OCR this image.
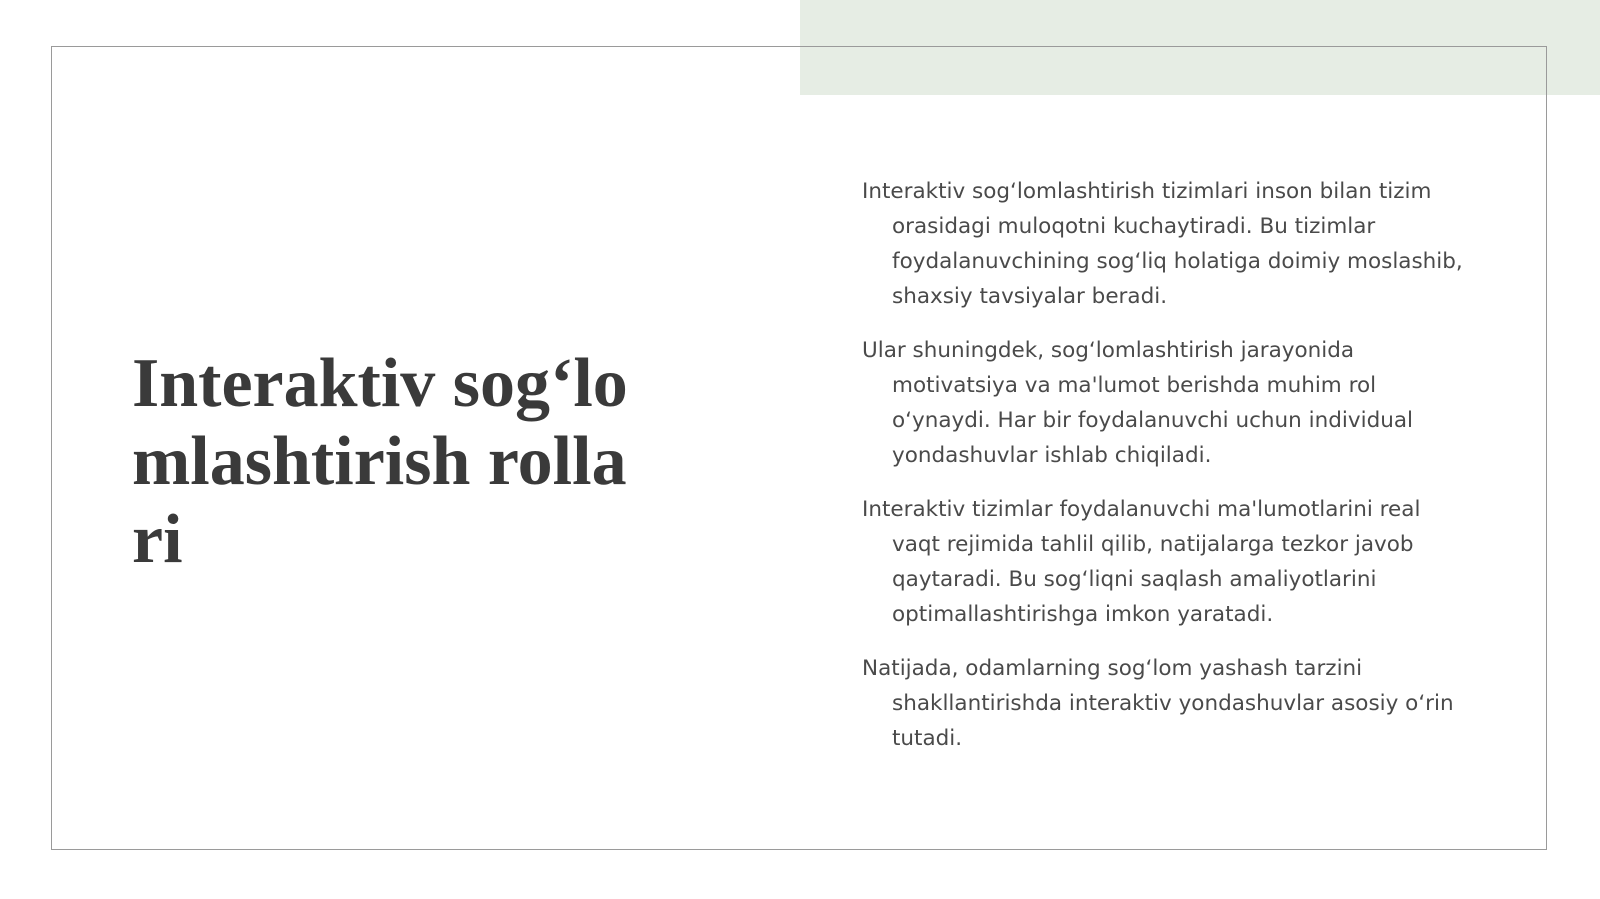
Interaktiv sog‘lomlashtirish rollari

Interaktiv sog‘lomlashtirish tizimlari inson bilan tizim orasidagi muloqotni kuchaytiradi. Bu tizimlar foydalanuvchining sog‘liq holatiga doimiy moslashib, shaxsiy tavsiyalar beradi.

Ular shuningdek, sog‘lomlashtirish jarayonida motivatsiya va ma'lumot berishda muhim rol o‘ynaydi. Har bir foydalanuvchi uchun individual yondashuvlar ishlab chiqiladi.

Interaktiv tizimlar foydalanuvchi ma'lumotlarini real vaqt rejimida tahlil qilib, natijalarga tezkor javob qaytaradi. Bu sog‘liqni saqlash amaliyotlarini optimallashtirishga imkon yaratadi.

Natijada, odamlarning sog‘lom yashash tarzini shakllantirishda interaktiv yondashuvlar asosiy o‘rin tutadi.
